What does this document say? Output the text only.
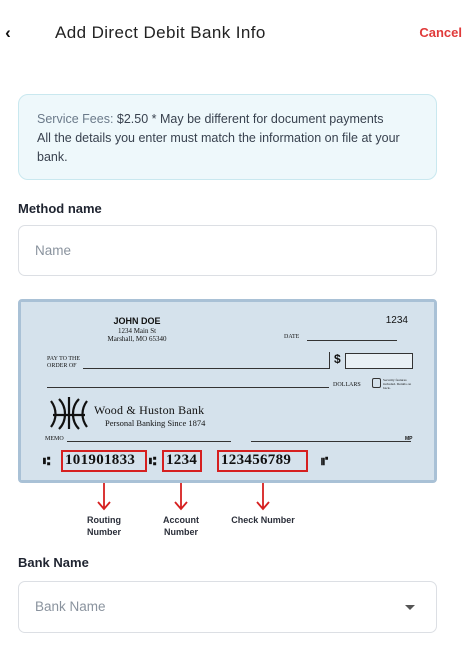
‹	Add Direct Debit Bank Info	Cancel
Service Fees: $2.50 * May be different for document payments
All the details you enter must match the information on file at your bank.
Method name
Name
JOHN DOE
1234 Main St
Marshall, MO 65340
1234
DATE
PAY TO THE
ORDER OF	$
DOLLARS
Security features included. Details on back.
Wood & Huston Bank
Personal Banking Since 1874
MEMO	MP
⑆ 101901833 ⑆ 1234 123456789 ⑈
Routing Number
Account Number
Check Number
Bank Name
Bank Name
